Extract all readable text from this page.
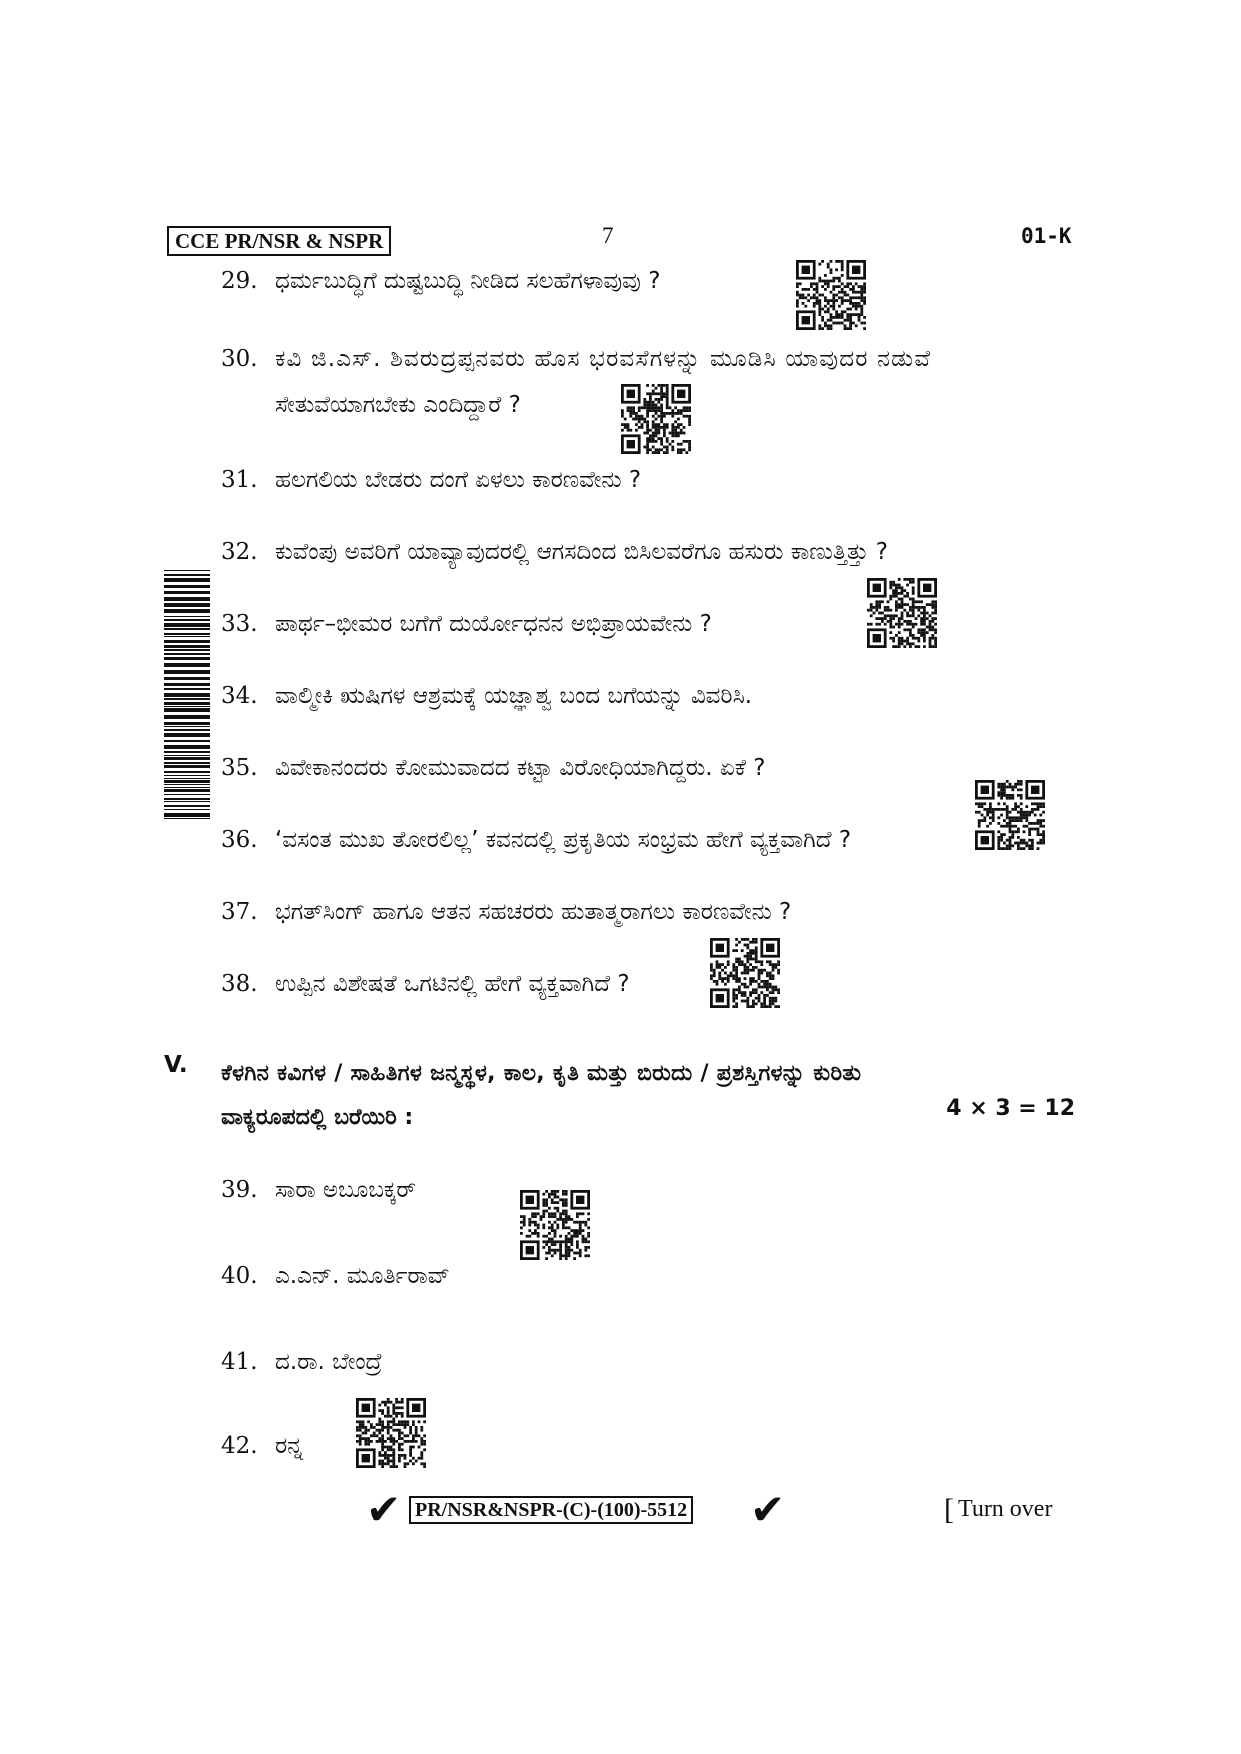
CCE PR/NSR & NSPR	7	01-K
29. ಧರ್ಮಬುದ್ಧಿಗೆ ದುಷ್ಟಬುದ್ಧಿ ನೀಡಿದ ಸಲಹೆಗಳಾವುವು ?
30. ಕವಿ ಜಿ.ಎಸ್. ಶಿವರುದ್ರಪ್ಪನವರು ಹೊಸ ಭರವಸೆಗಳನ್ನು ಮೂಡಿಸಿ ಯಾವುದರ ನಡುವೆ
ಸೇತುವೆಯಾಗಬೇಕು ಎಂದಿದ್ದಾರೆ ?
31. ಹಲಗಲಿಯ ಬೇಡರು ದಂಗೆ ಏಳಲು ಕಾರಣವೇನು ?
32. ಕುವೆಂಪು ಅವರಿಗೆ ಯಾವ್ಯಾವುದರಲ್ಲಿ ಆಗಸದಿಂದ ಬಿಸಿಲವರೆಗೂ ಹಸುರು ಕಾಣುತ್ತಿತ್ತು ?
33. ಪಾರ್ಥ–ಭೀಮರ ಬಗೆಗೆ ದುರ್ಯೋಧನನ ಅಭಿಪ್ರಾಯವೇನು ?
34. ವಾಲ್ಮೀಕಿ ಋಷಿಗಳ ಆಶ್ರಮಕ್ಕೆ ಯಜ್ಞಾಶ್ವ ಬಂದ ಬಗೆಯನ್ನು ವಿವರಿಸಿ.
35. ವಿವೇಕಾನಂದರು ಕೋಮುವಾದದ ಕಟ್ಟಾ ವಿರೋಧಿಯಾಗಿದ್ದರು. ಏಕೆ ?
36. ‘ವಸಂತ ಮುಖ ತೋರಲಿಲ್ಲ’ ಕವನದಲ್ಲಿ ಪ್ರಕೃತಿಯ ಸಂಭ್ರಮ ಹೇಗೆ ವ್ಯಕ್ತವಾಗಿದೆ ?
37. ಭಗತ್‌ಸಿಂಗ್ ಹಾಗೂ ಆತನ ಸಹಚರರು ಹುತಾತ್ಮರಾಗಲು ಕಾರಣವೇನು ?
38. ಉಪ್ಪಿನ ವಿಶೇಷತೆ ಒಗಟಿನಲ್ಲಿ ಹೇಗೆ ವ್ಯಕ್ತವಾಗಿದೆ ?
V. ಕೆಳಗಿನ ಕವಿಗಳ / ಸಾಹಿತಿಗಳ ಜನ್ಮಸ್ಥಳ, ಕಾಲ, ಕೃತಿ ಮತ್ತು ಬಿರುದು / ಪ್ರಶಸ್ತಿಗಳನ್ನು ಕುರಿತು
ವಾಕ್ಯರೂಪದಲ್ಲಿ ಬರೆಯಿರಿ :	4 × 3 = 12
39. ಸಾರಾ ಅಬೂಬಕ್ಕರ್
40. ಎ.ಎನ್. ಮೂರ್ತಿರಾವ್
41. ದ.ರಾ. ಬೇಂದ್ರೆ
42. ರನ್ನ
✔ PR/NSR&NSPR-(C)-(100)-5512 ✔	[ Turn over
